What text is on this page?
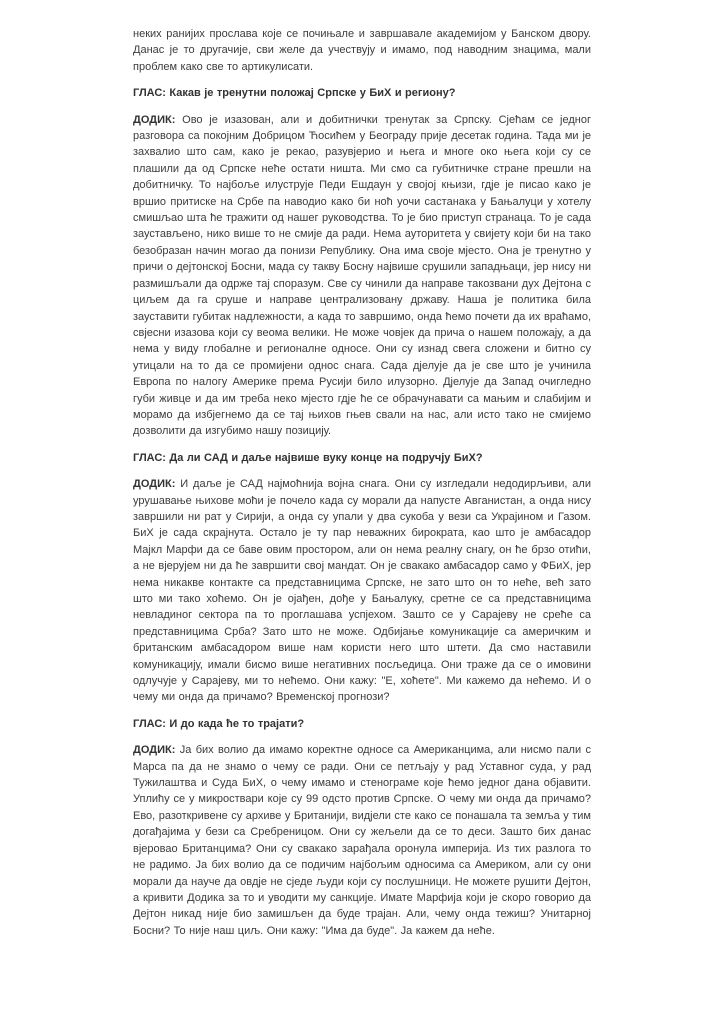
неких ранијих прослава које се почињале и завршавале академијом у Банском двору. Данас је то другачије, сви желе да учествују и имамо, под наводним знацима, мали проблем како све то артикулисати.

ГЛАС: Какав је тренутни положај Српске у БиХ и региону?

ДОДИК: Ово је изазован, али и добитнички тренутак за Српску. Сјећам се једног разговора са покојним Добрицом Ћосићем у Београду прије десетак година. Тада ми је захвалио што сам, како је рекао, разувјерио и њега и многе око њега који су се плашили да од Српске неће остати ништа. Ми смо са губитничке стране прешли на добитничку. То најбоље илуструје Педи Ешдаун у својој књизи, гдје је писао како је вршио притиске на Србе па наводио како би ноћ уочи састанака у Бањалуци у хотелу смишљао шта ће тражити од нашег руководства. То је био приступ странаца. То је сада заустављено, нико више то не смије да ради. Нема ауторитета у свијету који би на тако безобразан начин могао да понизи Републику. Она има своје мјесто. Она је тренутно у причи о дејтонској Босни, мада су такву Босну највише срушили западњаци, јер нису ни размишљали да одрже тај споразум. Све су чинили да направе такозвани дух Дејтона с циљем да га сруше и направе централизовану државу. Наша је политика била зауставити губитак надлежности, а када то завршимо, онда ћемо почети да их враћамо, свјесни изазова који су веома велики. Не може човјек да прича о нашем положају, а да нема у виду глобалне и регионалне односе. Они су изнад свега сложени и битно су утицали на то да се промијени однос снага. Сада дјелује да је све што је учинила Европа по налогу Америке према Русији било илузорно. Дјелује да Запад очигледно губи живце и да им треба неко мјесто гдје ће се обрачунавати са мањим и слабијим и морамо да избјегнемо да се тај њихов гњев свали на нас, али исто тако не смијемо дозволити да изгубимо нашу позицију.

ГЛАС: Да ли САД и даље највише вуку конце на подручју БиХ?

ДОДИК: И даље је САД најмоћнија војна снага. Они су изгледали недодирљиви, али урушавање њихове моћи је почело када су морали да напусте Авганистан, а онда нису завршили ни рат у Сирији, а онда су упали у два сукоба у вези са Украјином и Газом. БиХ је сада скрајнута. Остало је ту пар неважних бирократа, као што је амбасадор Мајкл Марфи да се баве овим простором, али он нема реалну снагу, он ће брзо отићи, а не вјерујем ни да ће завршити свој мандат. Он је свакако амбасадор само у ФБиХ, јер нема никакве контакте са представницима Српске, не зато што он то неће, већ зато што ми тако хоћемо. Он је ојађен, дође у Бањалуку, сретне се са представницима невладиног сектора па то проглашава успјехом. Зашто се у Сарајеву не среће са представницима Срба? Зато што не може. Одбијање комуникације са америчким и британским амбасадором више нам користи него што штети. Да смо наставили комуникацију, имали бисмо више негативних посљедица. Они траже да се о имовини одлучује у Сарајеву, ми то нећемо. Они кажу: "Е, хоћете". Ми кажемо да нећемо. И о чему ми онда да причамо? Временској прогнози?

ГЛАС: И до када ће то трајати?

ДОДИК: Ја бих волио да имамо коректне односе са Американцима, али нисмо пали с Марса па да не знамо о чему се ради. Они се петљају у рад Уставног суда, у рад Тужилаштва и Суда БиХ, о чему имамо и стенограме које ћемо једног дана објавити. Уплићу се у микроствари које су 99 одсто против Српске. О чему ми онда да причамо? Ево, разоткривене су архиве у Британији, видјели сте како се понашала та земља у тим догађајима у бези са Сребреницом. Они су жељели да се то деси. Зашто бих данас вјеровао Британцима? Они су свакако зарађала оронула империја. Из тих разлога то не радимо. Ја бих волио да се подичим најбољим односима са Америком, али су они морали да науче да овдје не сједе људи који су послушници. Не можете рушити Дејтон, а кривити Додика за то и уводити му санкције. Имате Марфија који је скоро говорио да Дејтон никад није био замишљен да буде трајан. Али, чему онда тежиш? Унитарној Босни? То није наш циљ. Они кажу: "Има да буде". Ја кажем да неће.
